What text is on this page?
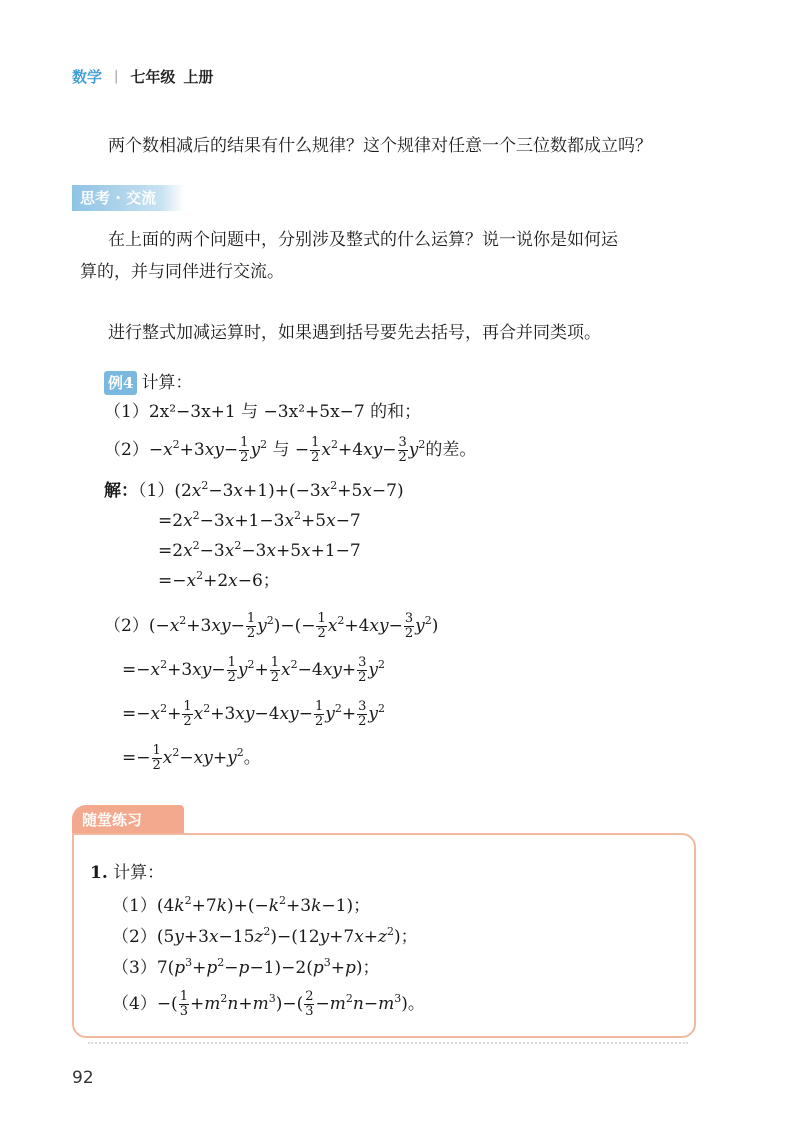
数学 | 七年级 上册
两个数相减后的结果有什么规律？这个规律对任意一个三位数都成立吗？
思考 · 交流
在上面的两个问题中，分别涉及整式的什么运算？说一说你是如何运
算的，并与同伴进行交流。
进行整式加减运算时，如果遇到括号要先去括号，再合并同类项。
例4 计算：
（1）2x²−3x+1 与 −3x²+5x−7 的和；
$(2)-x^2+3xy- \frac{1}{2} y^2$ 与 − $\frac{1}{2} x^2+4xy- \frac{3}{2} y^2$的差。
解：$(1)(2x^2-3x+1)+(-3x^2+5x-7)$
$=2x^2-3x+1-3x^2+5x-7$
$=2x^2-3x^2-3x+5x+1-7$
$=-x^2+2x-6$；
$(2)(-x^2+3xy- \frac{1}{2} y^2)-(- \frac{1}{2} x^2+4xy- \frac{3}{2} y^2)$
$=-x^2+3xy- \frac{1}{2} y^2+ \frac{1}{2} x^2-4xy+ \frac{3}{2} y^2$
$=-x^2+ \frac{1}{2} x^2+3xy-4xy- \frac{1}{2} y^2+ \frac{3}{2} y^2$
=− $\frac{1}{2} x^2-xy+y^2$。
随堂练习
1. 计算：
$(1)(4k^2+7k)+(-k^2+3k-1)$；
$(2)(5y+3x-15z^2)-(12y+7x+z^2)$；
$(3)7(p^3+p^2-p-1)-2(p^3+p)$；
$(4)-( \frac{1}{3} +m^2n+m^3)-( \frac{2}{3} -m^2n-m^3)$。
92
